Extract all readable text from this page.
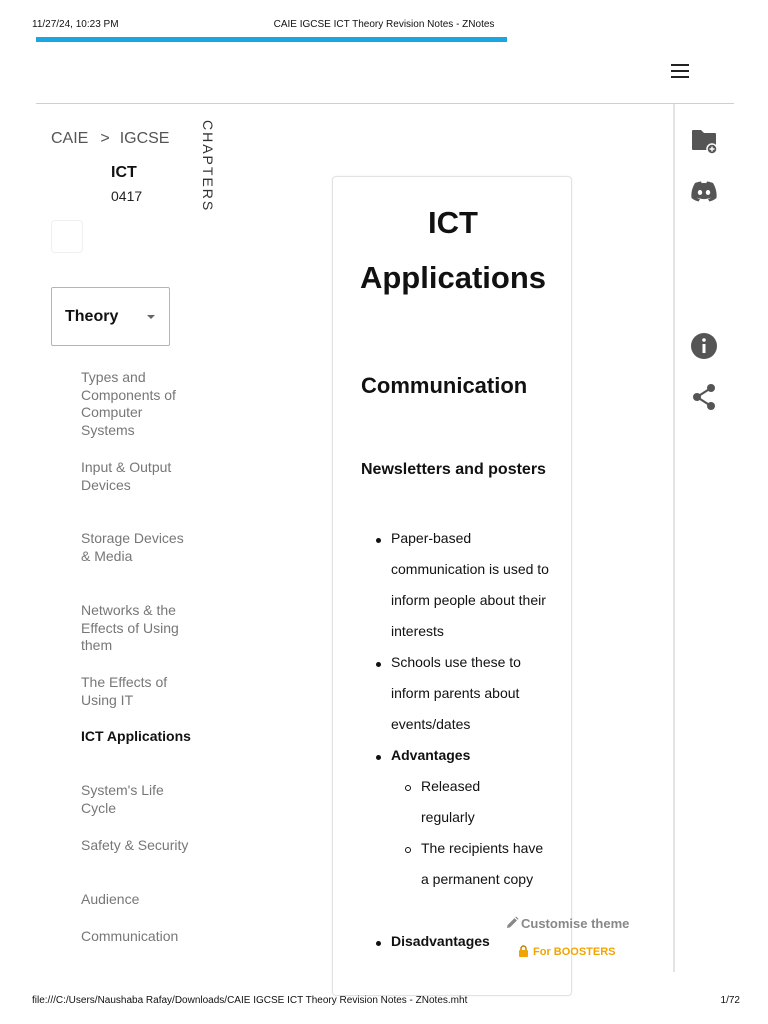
11/27/24, 10:23 PM	CAIE IGCSE ICT Theory Revision Notes - ZNotes
CAIE > IGCSE
ICT
0417	CHAPTERS
Theory
Types and Components of Computer Systems
Input & Output Devices
Storage Devices & Media
Networks & the Effects of Using them
The Effects of Using IT
ICT Applications
System's Life Cycle
Safety & Security
Audience
Communication
ICT Applications
Communication
Newsletters and posters
Paper-based communication is used to inform people about their interests
Schools use these to inform parents about events/dates
Advantages
Released regularly
The recipients have a permanent copy
Disadvantages
Customise theme
For BOOSTERS
file:///C:/Users/Naushaba Rafay/Downloads/CAIE IGCSE ICT Theory Revision Notes - ZNotes.mht	1/72
